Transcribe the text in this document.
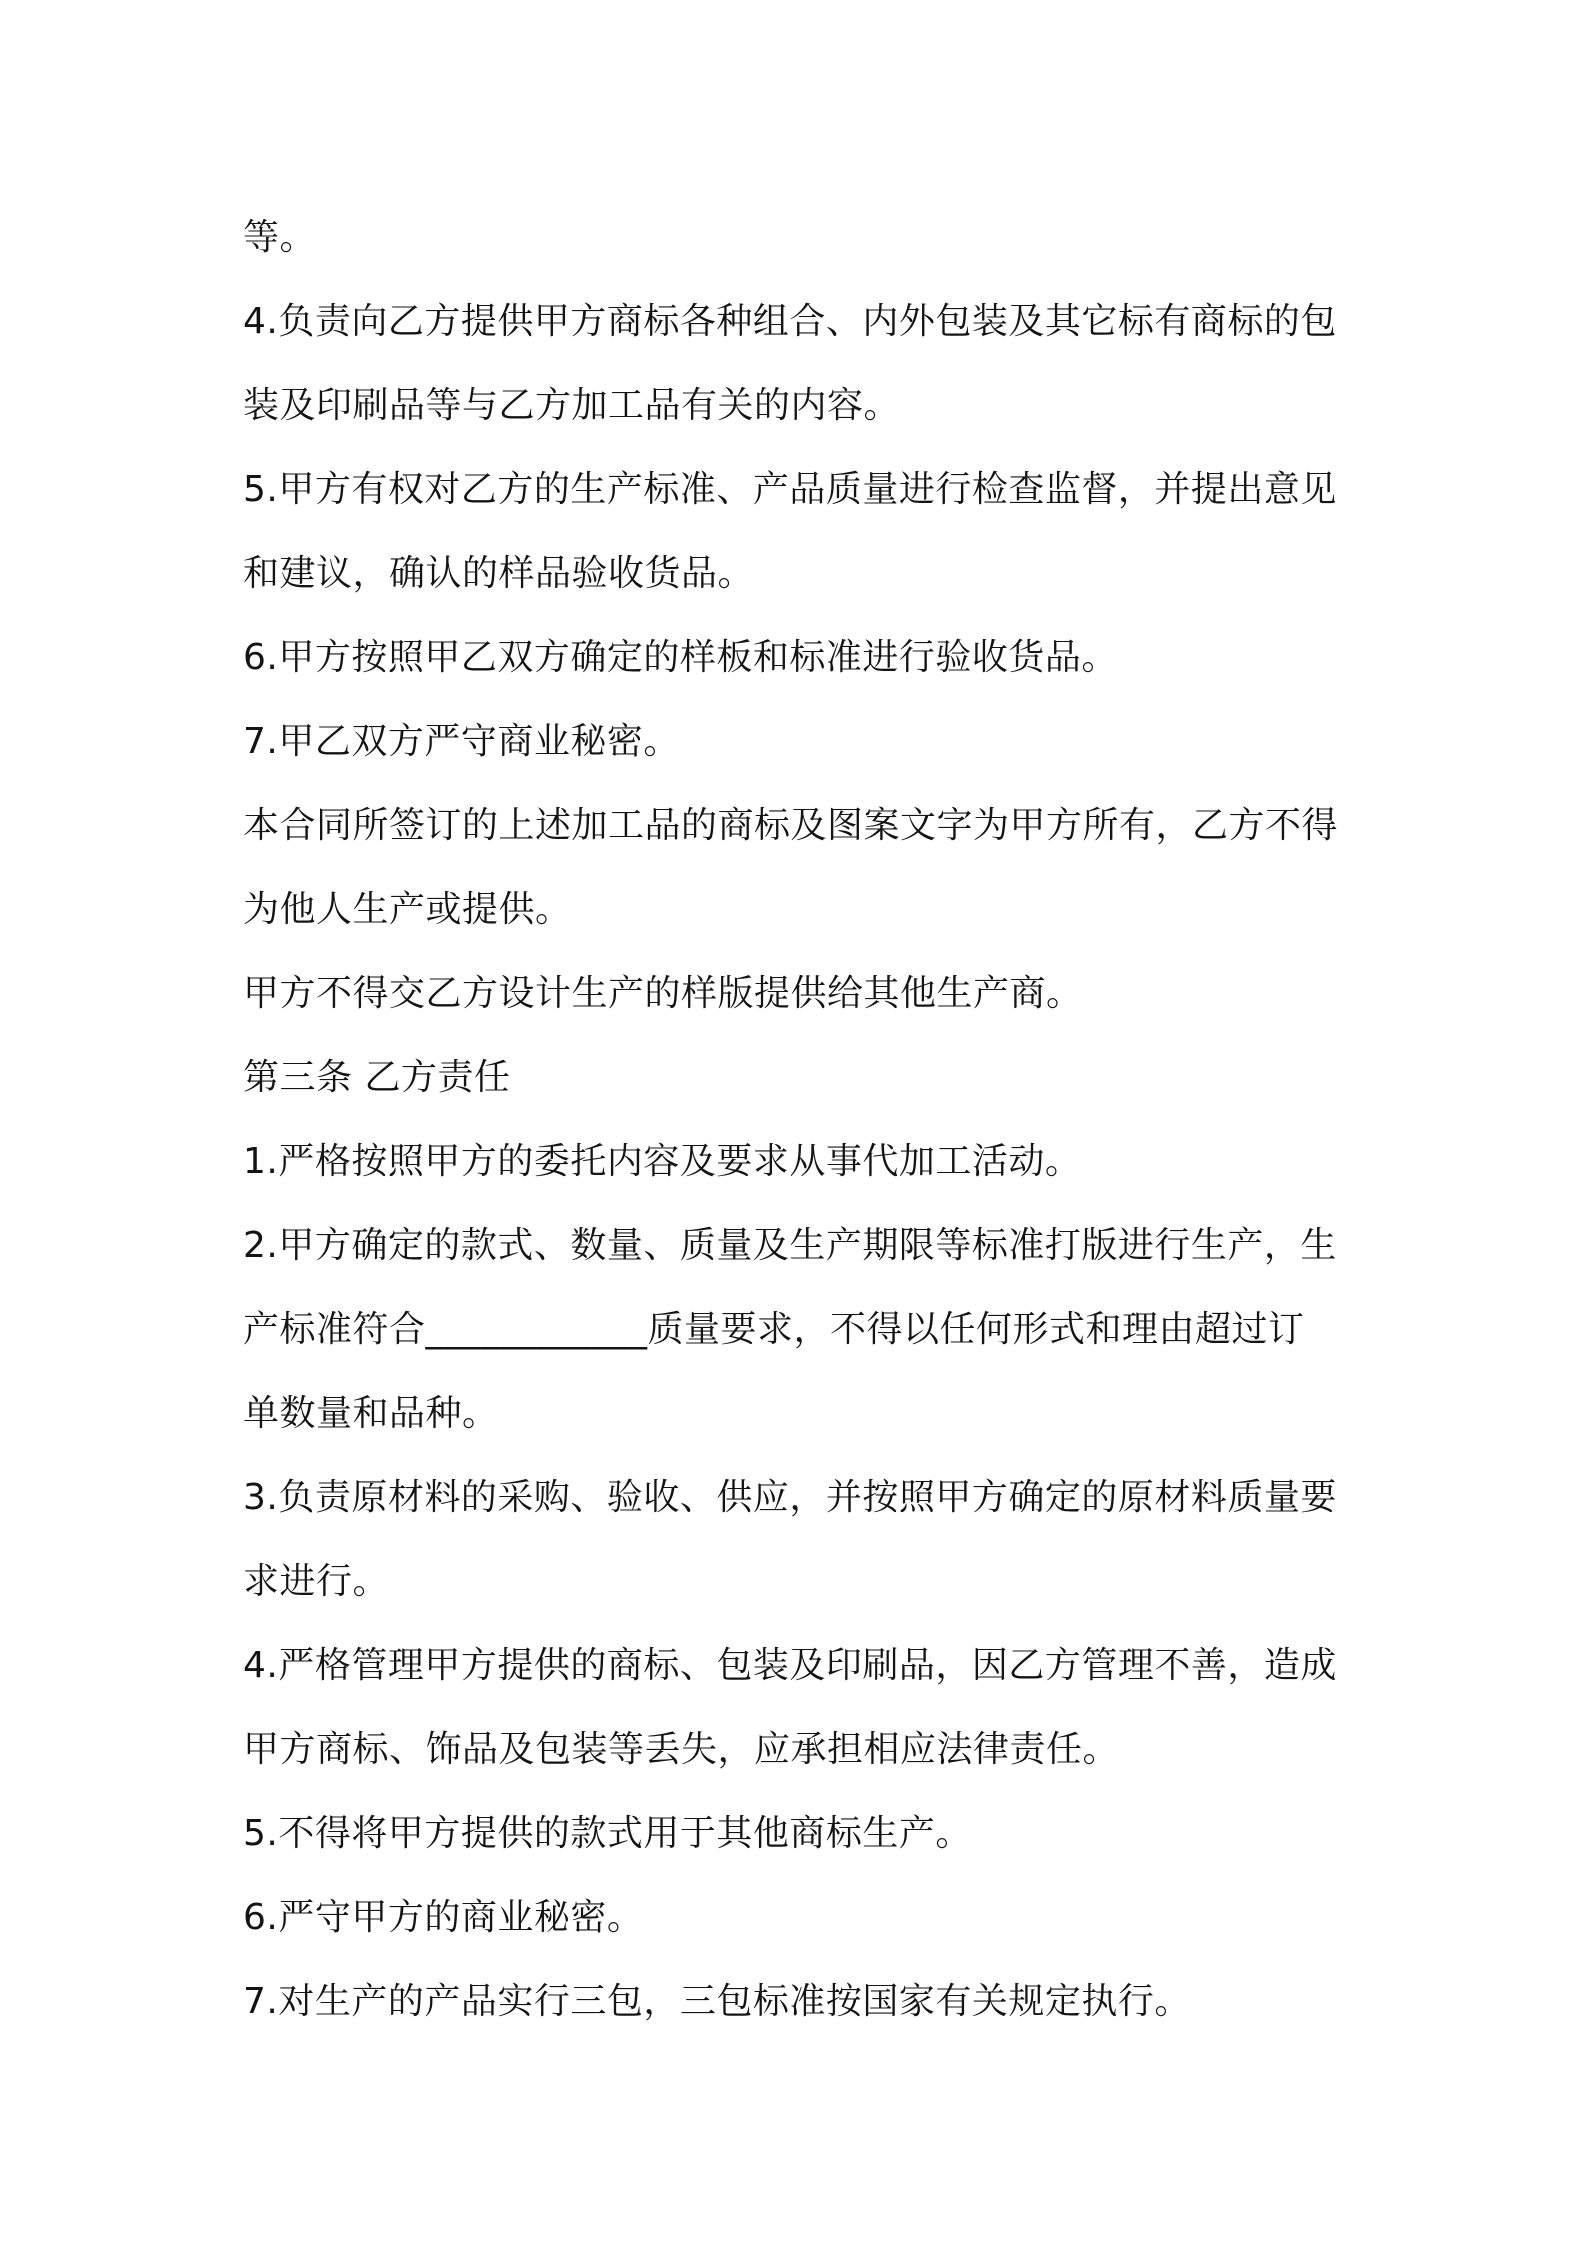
等。
4.负责向乙方提供甲方商标各种组合、内外包装及其它标有商标的包
装及印刷品等与乙方加工品有关的内容。
5.甲方有权对乙方的生产标准、产品质量进行检查监督，并提出意见
和建议，确认的样品验收货品。
6.甲方按照甲乙双方确定的样板和标准进行验收货品。
7.甲乙双方严守商业秘密。
本合同所签订的上述加工品的商标及图案文字为甲方所有，乙方不得
为他人生产或提供。
甲方不得交乙方设计生产的样版提供给其他生产商。
第三条 乙方责任
1.严格按照甲方的委托内容及要求从事代加工活动。
2.甲方确定的款式、数量、质量及生产期限等标准打版进行生产，生
产标准符合____________质量要求，不得以任何形式和理由超过订
单数量和品种。
3.负责原材料的采购、验收、供应，并按照甲方确定的原材料质量要
求进行。
4.严格管理甲方提供的商标、包装及印刷品，因乙方管理不善，造成
甲方商标、饰品及包装等丢失，应承担相应法律责任。
5.不得将甲方提供的款式用于其他商标生产。
6.严守甲方的商业秘密。
7.对生产的产品实行三包，三包标准按国家有关规定执行。
